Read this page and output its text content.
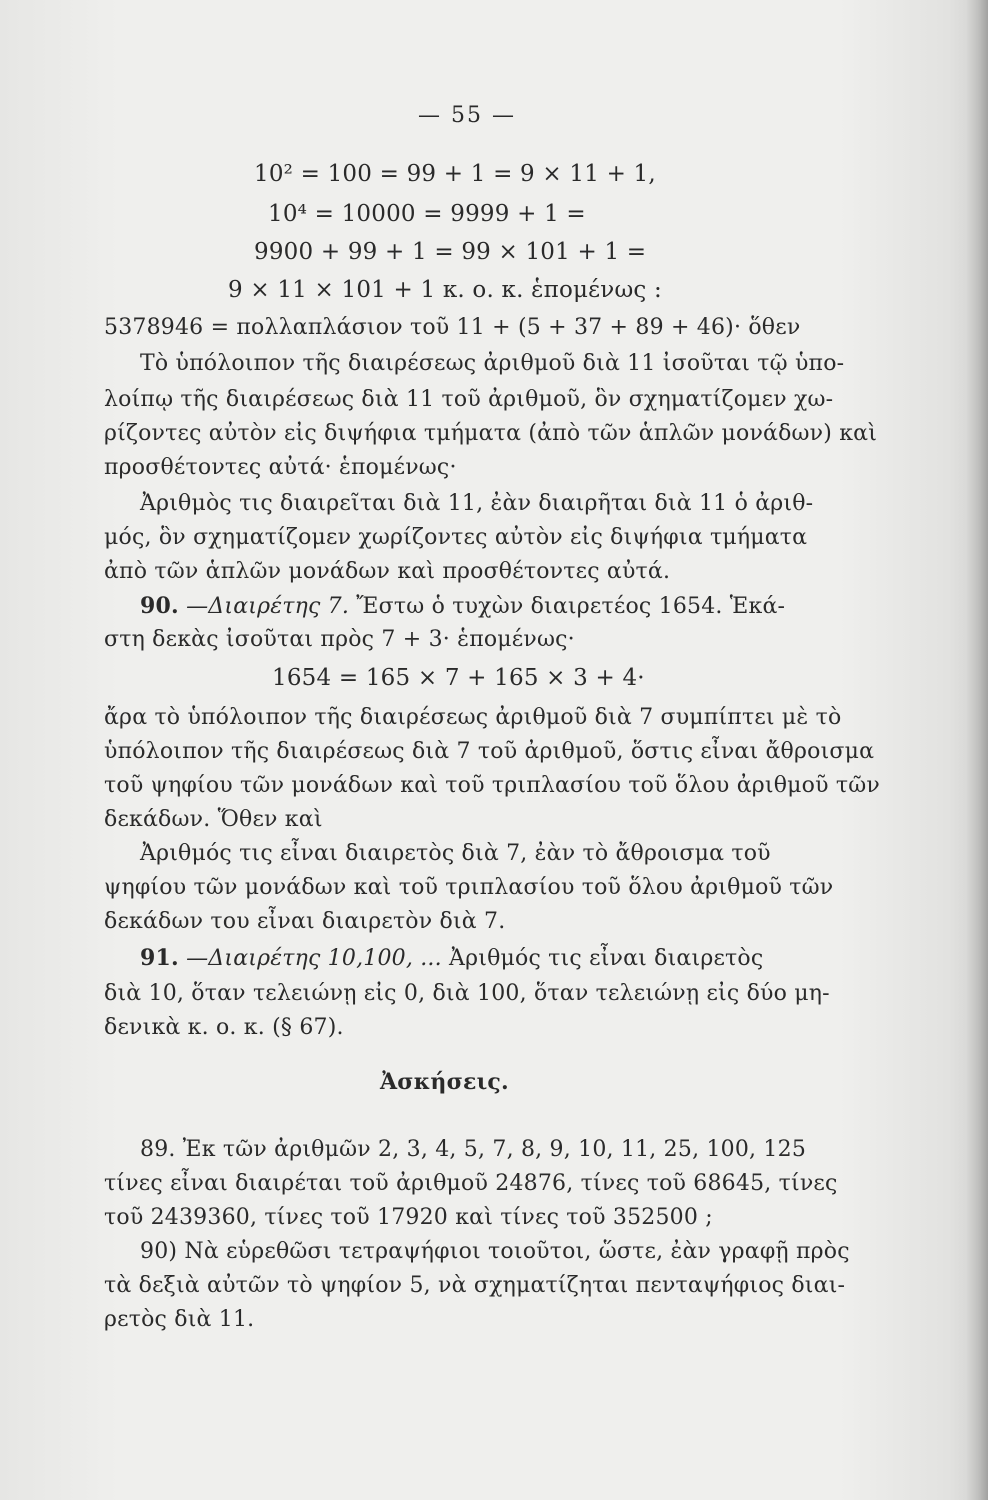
— 55 —
10² = 100 = 99 + 1 = 9 × 11 + 1,
10⁴ = 10000 = 9999 + 1 =
9900 + 99 + 1 = 99 × 101 + 1 =
9 × 11 × 101 + 1 κ. ο. κ. ἑπομένως :
5378946 = πολλαπλάσιον τοῦ 11 + (5 + 37 + 89 + 46)· ὅθεν
Τὸ ὑπόλοιπον τῆς διαιρέσεως ἀριθμοῦ διὰ 11 ἰσοῦται τῷ ὑπο-
λοίπῳ τῆς διαιρέσεως διὰ 11 τοῦ ἀριθμοῦ, ὃν σχηματίζομεν χω-
ρίζοντες αὐτὸν εἰς διψήφια τμήματα (ἀπὸ τῶν ἁπλῶν μονάδων) καὶ
προσθέτοντες αὐτά· ἑπομένως·
Ἀριθμὸς τις διαιρεῖται διὰ 11, ἐὰν διαιρῆται διὰ 11 ὁ ἀριθ-
μός, ὃν σχηματίζομεν χωρίζοντες αὐτὸν εἰς διψήφια τμήματα
ἀπὸ τῶν ἁπλῶν μονάδων καὶ προσθέτοντες αὐτά.
90. —Διαιρέτης 7. Ἔστω ὁ τυχὼν διαιρετέος 1654. Ἑκά-
στη δεκὰς ἰσοῦται πρὸς 7 + 3· ἑπομένως·
1654 = 165 × 7 + 165 × 3 + 4·
ἄρα τὸ ὑπόλοιπον τῆς διαιρέσεως ἀριθμοῦ διὰ 7 συμπίπτει μὲ τὸ
ὑπόλοιπον τῆς διαιρέσεως διὰ 7 τοῦ ἀριθμοῦ, ὅστις εἶναι ἄθροισμα
τοῦ ψηφίου τῶν μονάδων καὶ τοῦ τριπλασίου τοῦ ὅλου ἀριθμοῦ τῶν
δεκάδων. Ὅθεν καὶ
Ἀριθμός τις εἶναι διαιρετὸς διὰ 7, ἐὰν τὸ ἄθροισμα τοῦ
ψηφίου τῶν μονάδων καὶ τοῦ τριπλασίου τοῦ ὅλου ἀριθμοῦ τῶν
δεκάδων του εἶναι διαιρετὸν διὰ 7.
91. —Διαιρέτης 10,100, ... Ἀριθμός τις εἶναι διαιρετὸς
διὰ 10, ὅταν τελειώνῃ εἰς 0, διὰ 100, ὅταν τελειώνῃ εἰς δύο μη-
δενικὰ κ. ο. κ. (§ 67).
Ἀσκήσεις.
89. Ἐκ τῶν ἀριθμῶν 2, 3, 4, 5, 7, 8, 9, 10, 11, 25, 100, 125
τίνες εἶναι διαιρέται τοῦ ἀριθμοῦ 24876, τίνες τοῦ 68645, τίνες
τοῦ 2439360, τίνες τοῦ 17920 καὶ τίνες τοῦ 352500 ;
90) Νὰ εὑρεθῶσι τετραψήφιοι τοιοῦτοι, ὥστε, ἐὰν γραφῇ πρὸς
τὰ δεξιὰ αὐτῶν τὸ ψηφίον 5, νὰ σχηματίζηται πενταψήφιος διαι-
ρετὸς διὰ 11.
